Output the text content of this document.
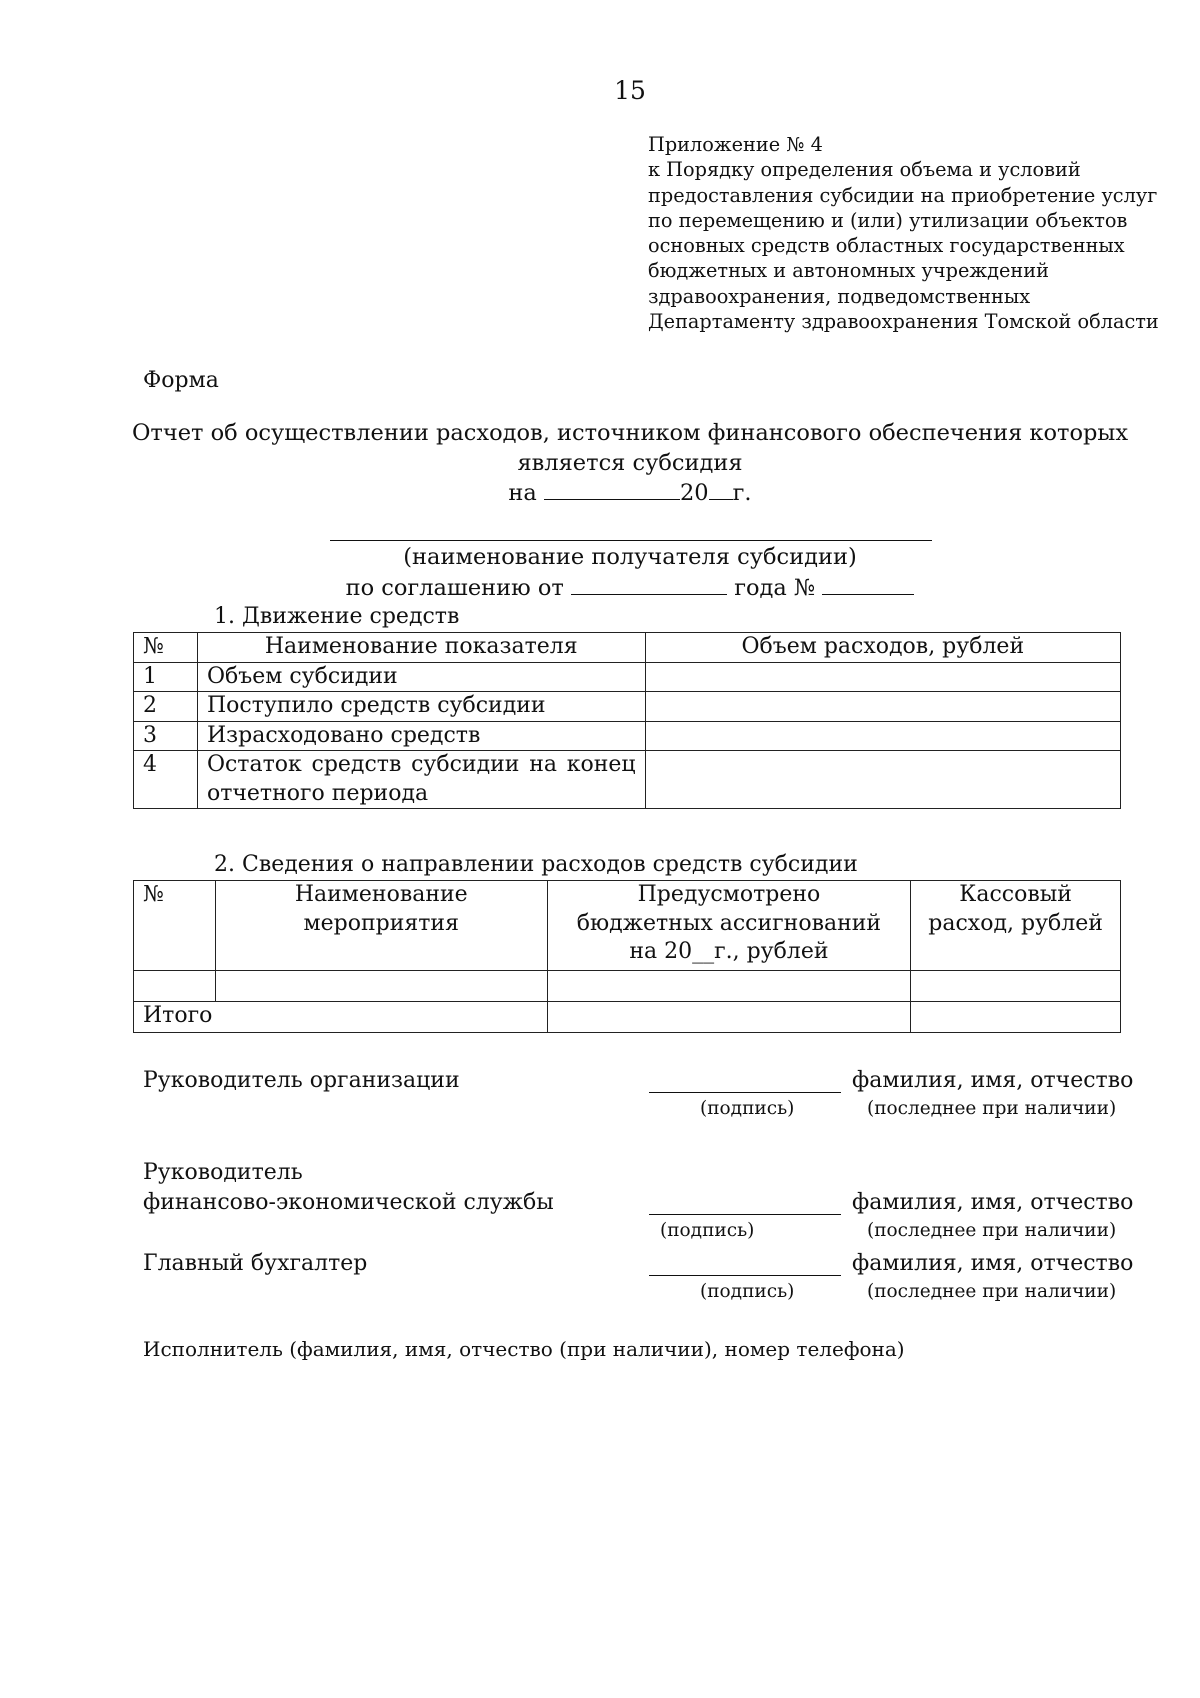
15
Приложение № 4
к Порядку определения объема и условий
предоставления субсидии на приобретение услуг
по перемещению и (или) утилизации объектов
основных средств областных государственных
бюджетных и автономных учреждений
здравоохранения, подведомственных
Департаменту здравоохранения Томской области
Форма
Отчет об осуществлении расходов, источником финансового обеспечения которых
является субсидия
на	20 г.
(наименование получателя субсидии)
по соглашению от	года №
1. Движение средств
№	Наименование показателя	Объем расходов, рублей
1	Объем субсидии	
2	Поступило средств субсидии	
3	Израсходовано средств	
4	Остаток средств субсидии на конец отчетного периода	
2. Сведения о направлении расходов средств субсидии
№	Наименование мероприятия	Предусмотрено бюджетных ассигнований на 20__г., рублей	Кассовый расход, рублей

Итого			
Руководитель организации	фамилия, имя, отчество
(подпись)	(последнее при наличии)
Руководитель
финансово-экономической службы	фамилия, имя, отчество
(подпись)	(последнее при наличии)
Главный бухгалтер	фамилия, имя, отчество
(подпись)	(последнее при наличии)
Исполнитель (фамилия, имя, отчество (при наличии), номер телефона)
